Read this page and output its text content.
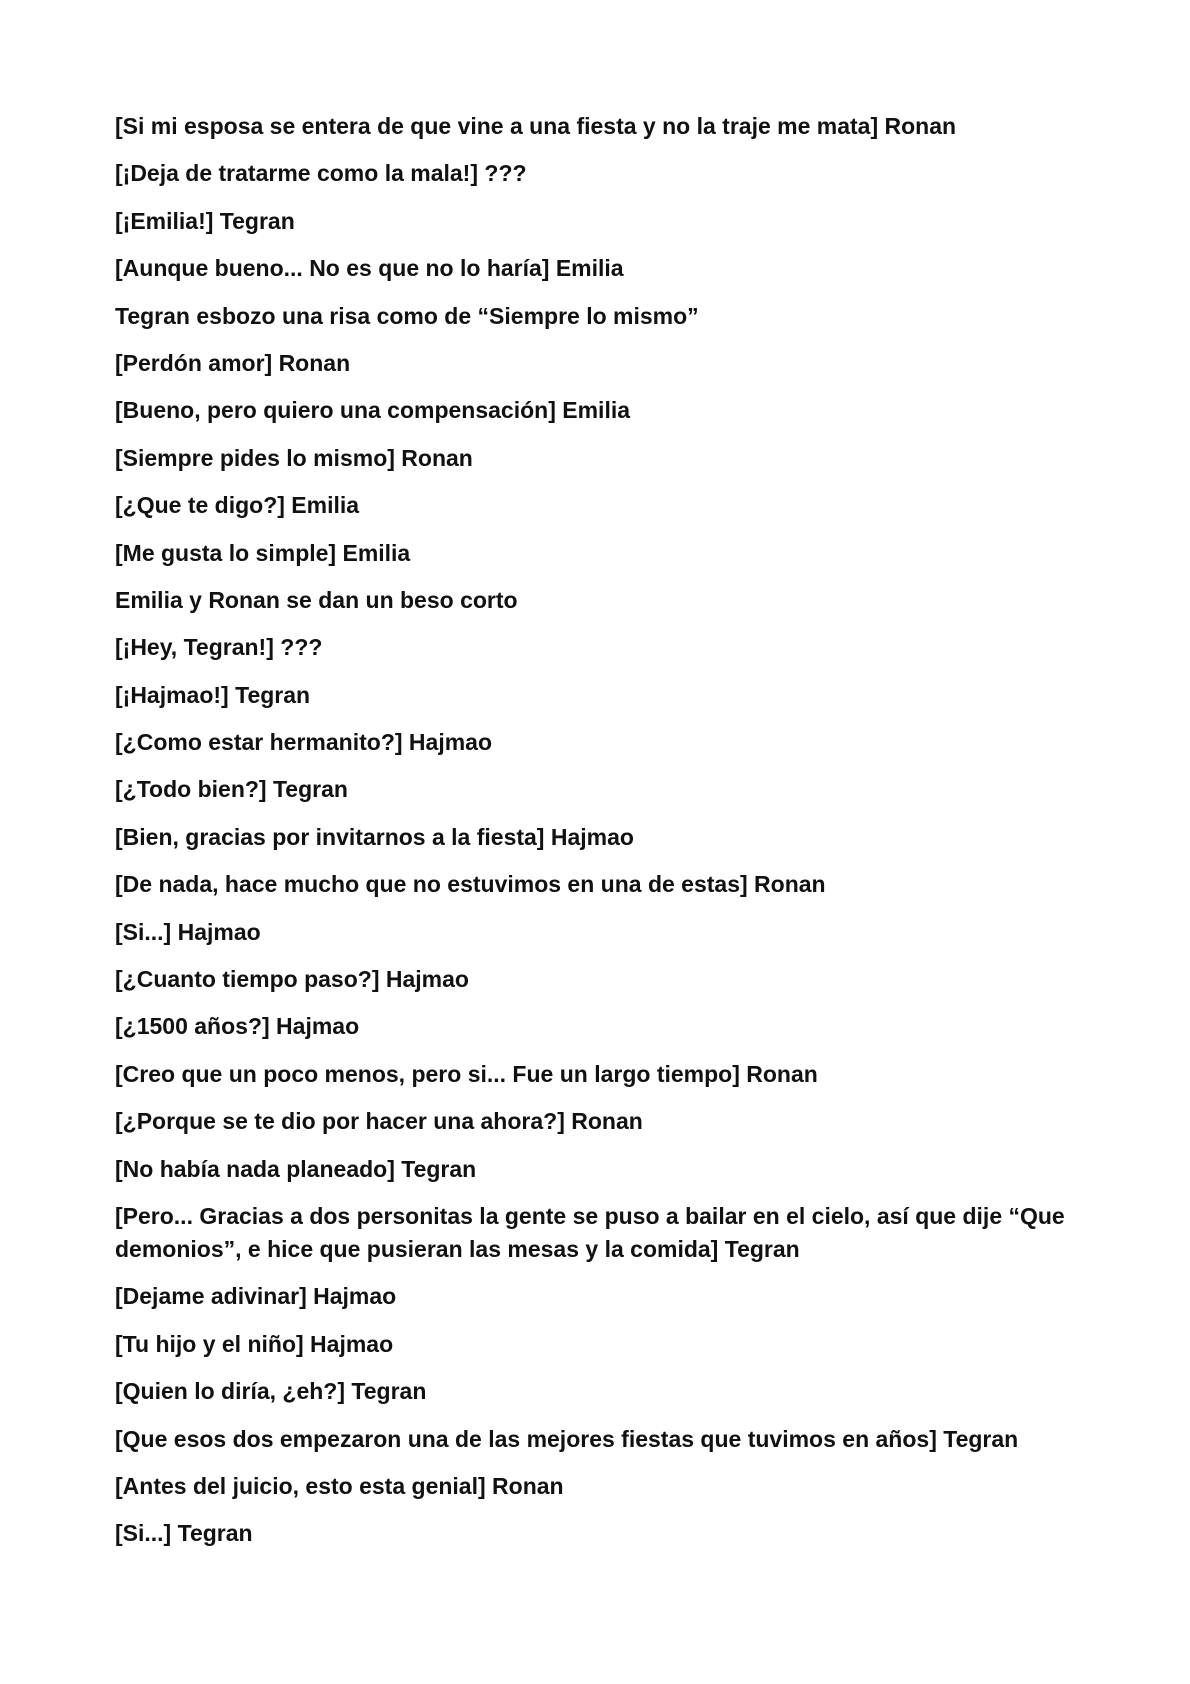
[Si mi esposa se entera de que vine a una fiesta y no la traje me mata] Ronan

[¡Deja de tratarme como la mala!] ???

[¡Emilia!] Tegran

[Aunque bueno... No es que no lo haría] Emilia

Tegran esbozo una risa como de “Siempre lo mismo”

[Perdón amor] Ronan

[Bueno, pero quiero una compensación] Emilia

[Siempre pides lo mismo] Ronan

[¿Que te digo?] Emilia

[Me gusta lo simple] Emilia

Emilia y Ronan se dan un beso corto

[¡Hey, Tegran!] ???

[¡Hajmao!] Tegran

[¿Como estar hermanito?] Hajmao

[¿Todo bien?] Tegran

[Bien, gracias por invitarnos a la fiesta] Hajmao

[De nada, hace mucho que no estuvimos en una de estas] Ronan

[Si...] Hajmao

[¿Cuanto tiempo paso?] Hajmao

[¿1500 años?] Hajmao

[Creo que un poco menos, pero si... Fue un largo tiempo] Ronan

[¿Porque se te dio por hacer una ahora?] Ronan

[No había nada planeado] Tegran

[Pero... Gracias a dos personitas la gente se puso a bailar en el cielo, así que dije “Que demonios”, e hice que pusieran las mesas y la comida] Tegran

[Dejame adivinar] Hajmao

[Tu hijo y el niño] Hajmao

[Quien lo diría, ¿eh?] Tegran

[Que esos dos empezaron una de las mejores fiestas que tuvimos en años] Tegran

[Antes del juicio, esto esta genial] Ronan

[Si...] Tegran
